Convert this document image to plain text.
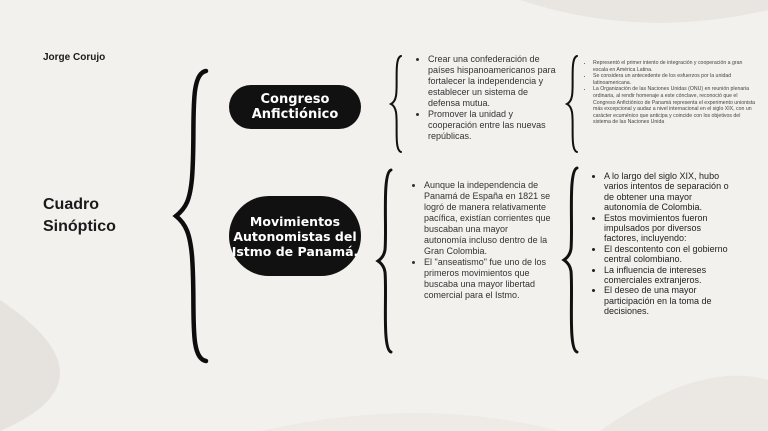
Jorge Corujo
Cuadro
Sinóptico
Congreso
Anfictiónico
• Crear una confederación de países hispanoamericanos para fortalecer la independencia y establecer un sistema de defensa mutua.
• Promover la unidad y cooperación entre las nuevas repúblicas.
• Representó el primer intento de integración y cooperación a gran escala en América Latina.
• Se considera un antecedente de los esfuerzos por la unidad latinoamericana.
• La Organización de las Naciones Unidas (ONU) en reunión plenaria ordinaria, al rendir homenaje a este cónclave, reconoció que el Congreso Anfictiónico de Panamá representa el experimento unionista más excepcional y audaz a nivel internacional en el siglo XIX, con un carácter ecuménico que anticipa y coincide con los objetivos del sistema de las Naciones Unida
Movimientos
Autonomistas del
Istmo de Panamá.
• Aunque la independencia de Panamá de España en 1821 se logró de manera relativamente pacífica, existían corrientes que buscaban una mayor autonomía incluso dentro de la Gran Colombia.
• El "anseatismo" fue uno de los primeros movimientos que buscaba una mayor libertad comercial para el Istmo.
• A lo largo del siglo XIX, hubo varios intentos de separación o de obtener una mayor autonomía de Colombia.
• Estos movimientos fueron impulsados por diversos factores, incluyendo:
• El descontento con el gobierno central colombiano.
• La influencia de intereses comerciales extranjeros.
• El deseo de una mayor participación en la toma de decisiones.
